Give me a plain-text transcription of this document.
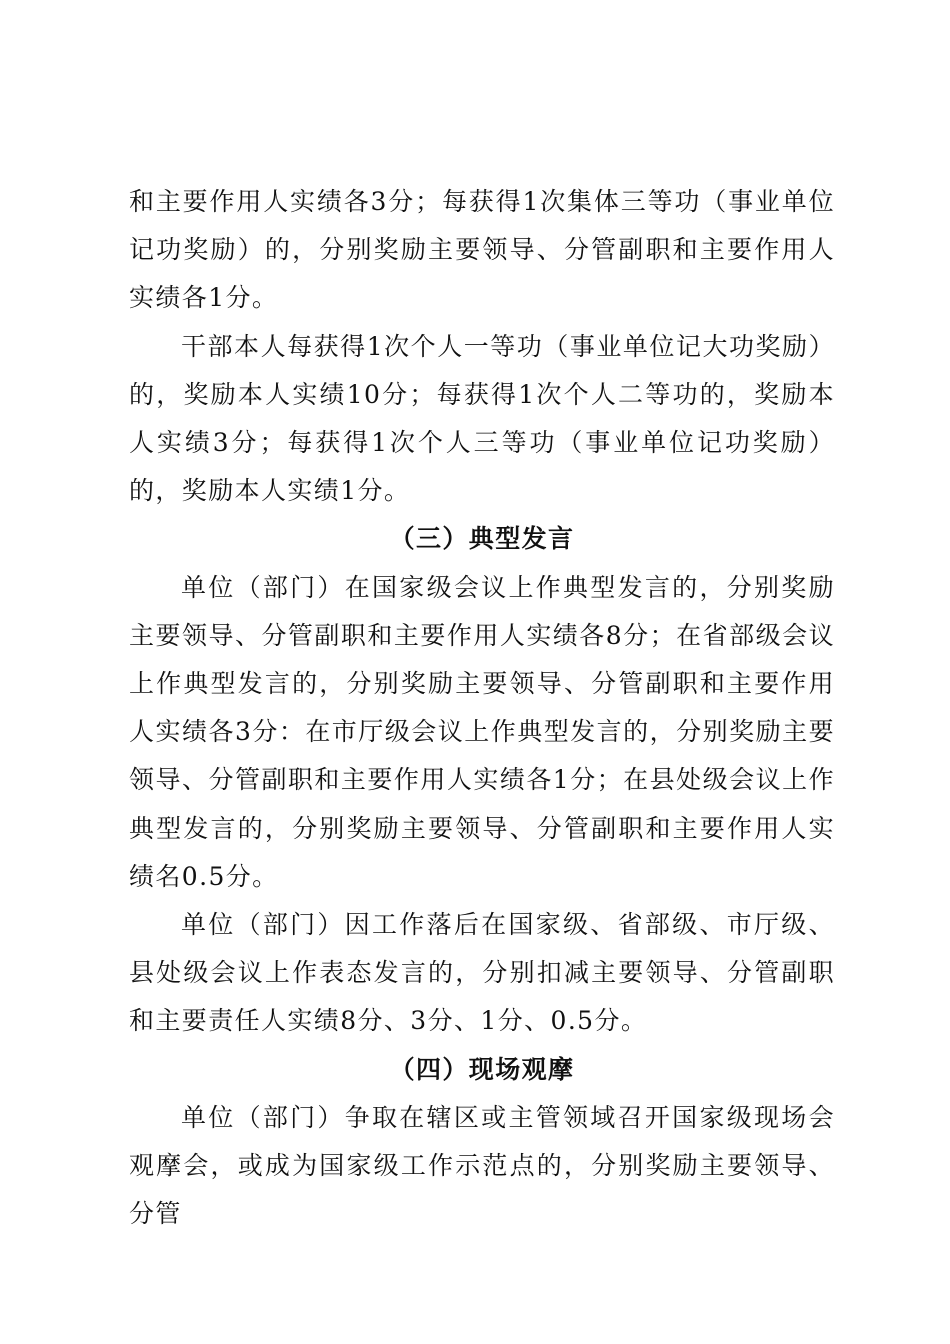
和主要作用人实绩各3分；每获得1次集体三等功（事业单位记功奖励）的，分别奖励主要领导、分管副职和主要作用人实绩各1分。

干部本人每获得1次个人一等功（事业单位记大功奖励）的，奖励本人实绩10分；每获得1次个人二等功的，奖励本人实绩3分；每获得1次个人三等功（事业单位记功奖励）的，奖励本人实绩1分。

（三）典型发言

单位（部门）在国家级会议上作典型发言的，分别奖励主要领导、分管副职和主要作用人实绩各8分；在省部级会议上作典型发言的，分别奖励主要领导、分管副职和主要作用人实绩各3分：在市厅级会议上作典型发言的，分别奖励主要领导、分管副职和主要作用人实绩各1分；在县处级会议上作典型发言的，分别奖励主要领导、分管副职和主要作用人实绩名0.5分。

单位（部门）因工作落后在国家级、省部级、市厅级、县处级会议上作表态发言的，分别扣减主要领导、分管副职和主要责任人实绩8分、3分、1分、0.5分。

（四）现场观摩

单位（部门）争取在辖区或主管领域召开国家级现场会观摩会，或成为国家级工作示范点的，分别奖励主要领导、分管
